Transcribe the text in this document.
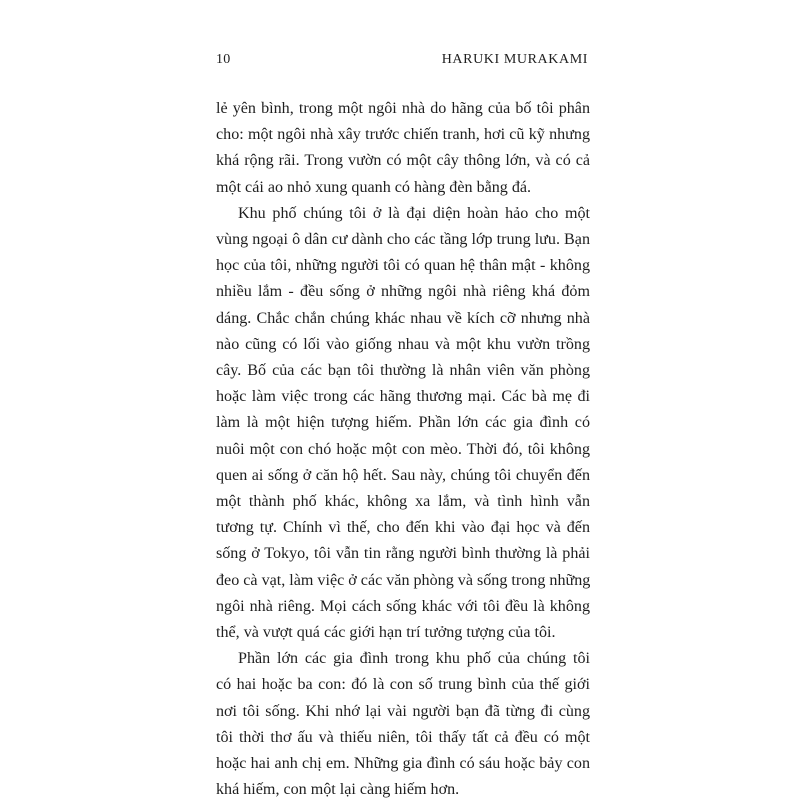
10	HARUKI MURAKAMI

lẻ yên bình, trong một ngôi nhà do hãng của bố tôi phân
cho: một ngôi nhà xây trước chiến tranh, hơi cũ kỹ nhưng
khá rộng rãi. Trong vườn có một cây thông lớn, và có cả
một cái ao nhỏ xung quanh có hàng đèn bằng đá.

Khu phố chúng tôi ở là đại diện hoàn hảo cho một
vùng ngoại ô dân cư dành cho các tầng lớp trung lưu. Bạn
học của tôi, những người tôi có quan hệ thân mật - không
nhiều lắm - đều sống ở những ngôi nhà riêng khá đỏm
dáng. Chắc chắn chúng khác nhau về kích cỡ nhưng nhà
nào cũng có lối vào giống nhau và một khu vườn trồng
cây. Bố của các bạn tôi thường là nhân viên văn phòng
hoặc làm việc trong các hãng thương mại. Các bà mẹ đi
làm là một hiện tượng hiếm. Phần lớn các gia đình có
nuôi một con chó hoặc một con mèo. Thời đó, tôi không
quen ai sống ở căn hộ hết. Sau này, chúng tôi chuyển đến
một thành phố khác, không xa lắm, và tình hình vẫn
tương tự. Chính vì thế, cho đến khi vào đại học và đến
sống ở Tokyo, tôi vẫn tin rằng người bình thường là phải
đeo cà vạt, làm việc ở các văn phòng và sống trong những
ngôi nhà riêng. Mọi cách sống khác với tôi đều là không
thể, và vượt quá các giới hạn trí tưởng tượng của tôi.

Phần lớn các gia đình trong khu phố của chúng tôi
có hai hoặc ba con: đó là con số trung bình của thế giới
nơi tôi sống. Khi nhớ lại vài người bạn đã từng đi cùng
tôi thời thơ ấu và thiếu niên, tôi thấy tất cả đều có một
hoặc hai anh chị em. Những gia đình có sáu hoặc bảy con
khá hiếm, con một lại càng hiếm hơn.
